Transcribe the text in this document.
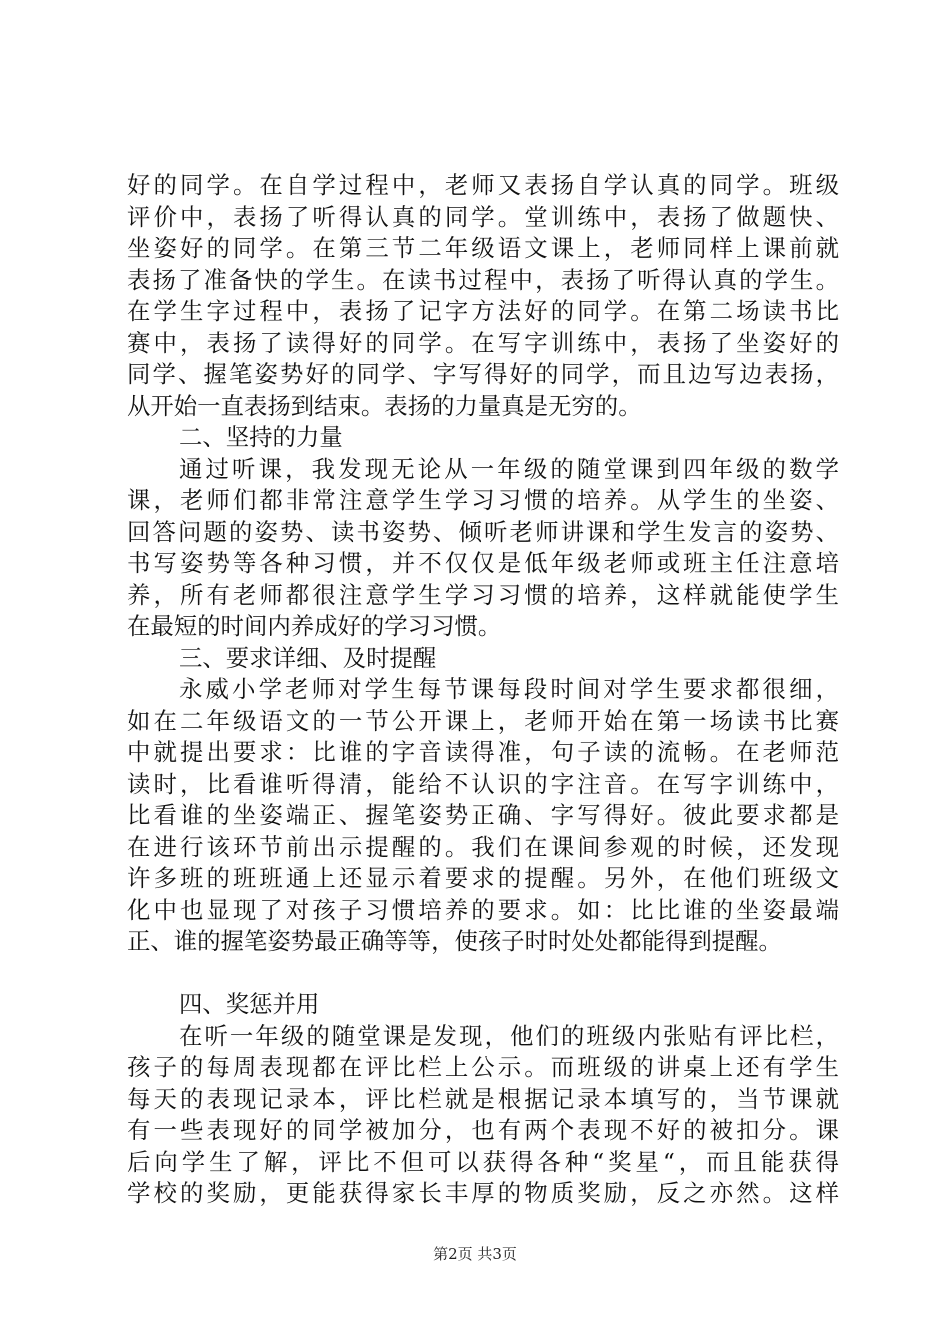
好的同学。在自学过程中，老师又表扬自学认真的同学。班级
评价中，表扬了听得认真的同学。堂训练中，表扬了做题快、
坐姿好的同学。在第三节二年级语文课上，老师同样上课前就
表扬了准备快的学生。在读书过程中，表扬了听得认真的学生。
在学生字过程中，表扬了记字方法好的同学。在第二场读书比
赛中，表扬了读得好的同学。在写字训练中，表扬了坐姿好的
同学、握笔姿势好的同学、字写得好的同学，而且边写边表扬，
从开始一直表扬到结束。表扬的力量真是无穷的。
二、坚持的力量
通过听课，我发现无论从一年级的随堂课到四年级的数学
课，老师们都非常注意学生学习习惯的培养。从学生的坐姿、
回答问题的姿势、读书姿势、倾听老师讲课和学生发言的姿势、
书写姿势等各种习惯，并不仅仅是低年级老师或班主任注意培
养，所有老师都很注意学生学习习惯的培养，这样就能使学生
在最短的时间内养成好的学习习惯。
三、要求详细、及时提醒
永威小学老师对学生每节课每段时间对学生要求都很细，
如在二年级语文的一节公开课上，老师开始在第一场读书比赛
中就提出要求：比谁的字音读得准，句子读的流畅。在老师范
读时，比看谁听得清，能给不认识的字注音。在写字训练中，
比看谁的坐姿端正、握笔姿势正确、字写得好。彼此要求都是
在进行该环节前出示提醒的。我们在课间参观的时候，还发现
许多班的班班通上还显示着要求的提醒。另外，在他们班级文
化中也显现了对孩子习惯培养的要求。如：比比谁的坐姿最端
正、谁的握笔姿势最正确等等，使孩子时时处处都能得到提醒。
四、奖惩并用
在听一年级的随堂课是发现，他们的班级内张贴有评比栏，
孩子的每周表现都在评比栏上公示。而班级的讲桌上还有学生
每天的表现记录本，评比栏就是根据记录本填写的，当节课就
有一些表现好的同学被加分，也有两个表现不好的被扣分。课
后向学生了解，评比不但可以获得各种“奖星“，而且能获得
学校的奖励，更能获得家长丰厚的物质奖励，反之亦然。这样
第2页 共3页
